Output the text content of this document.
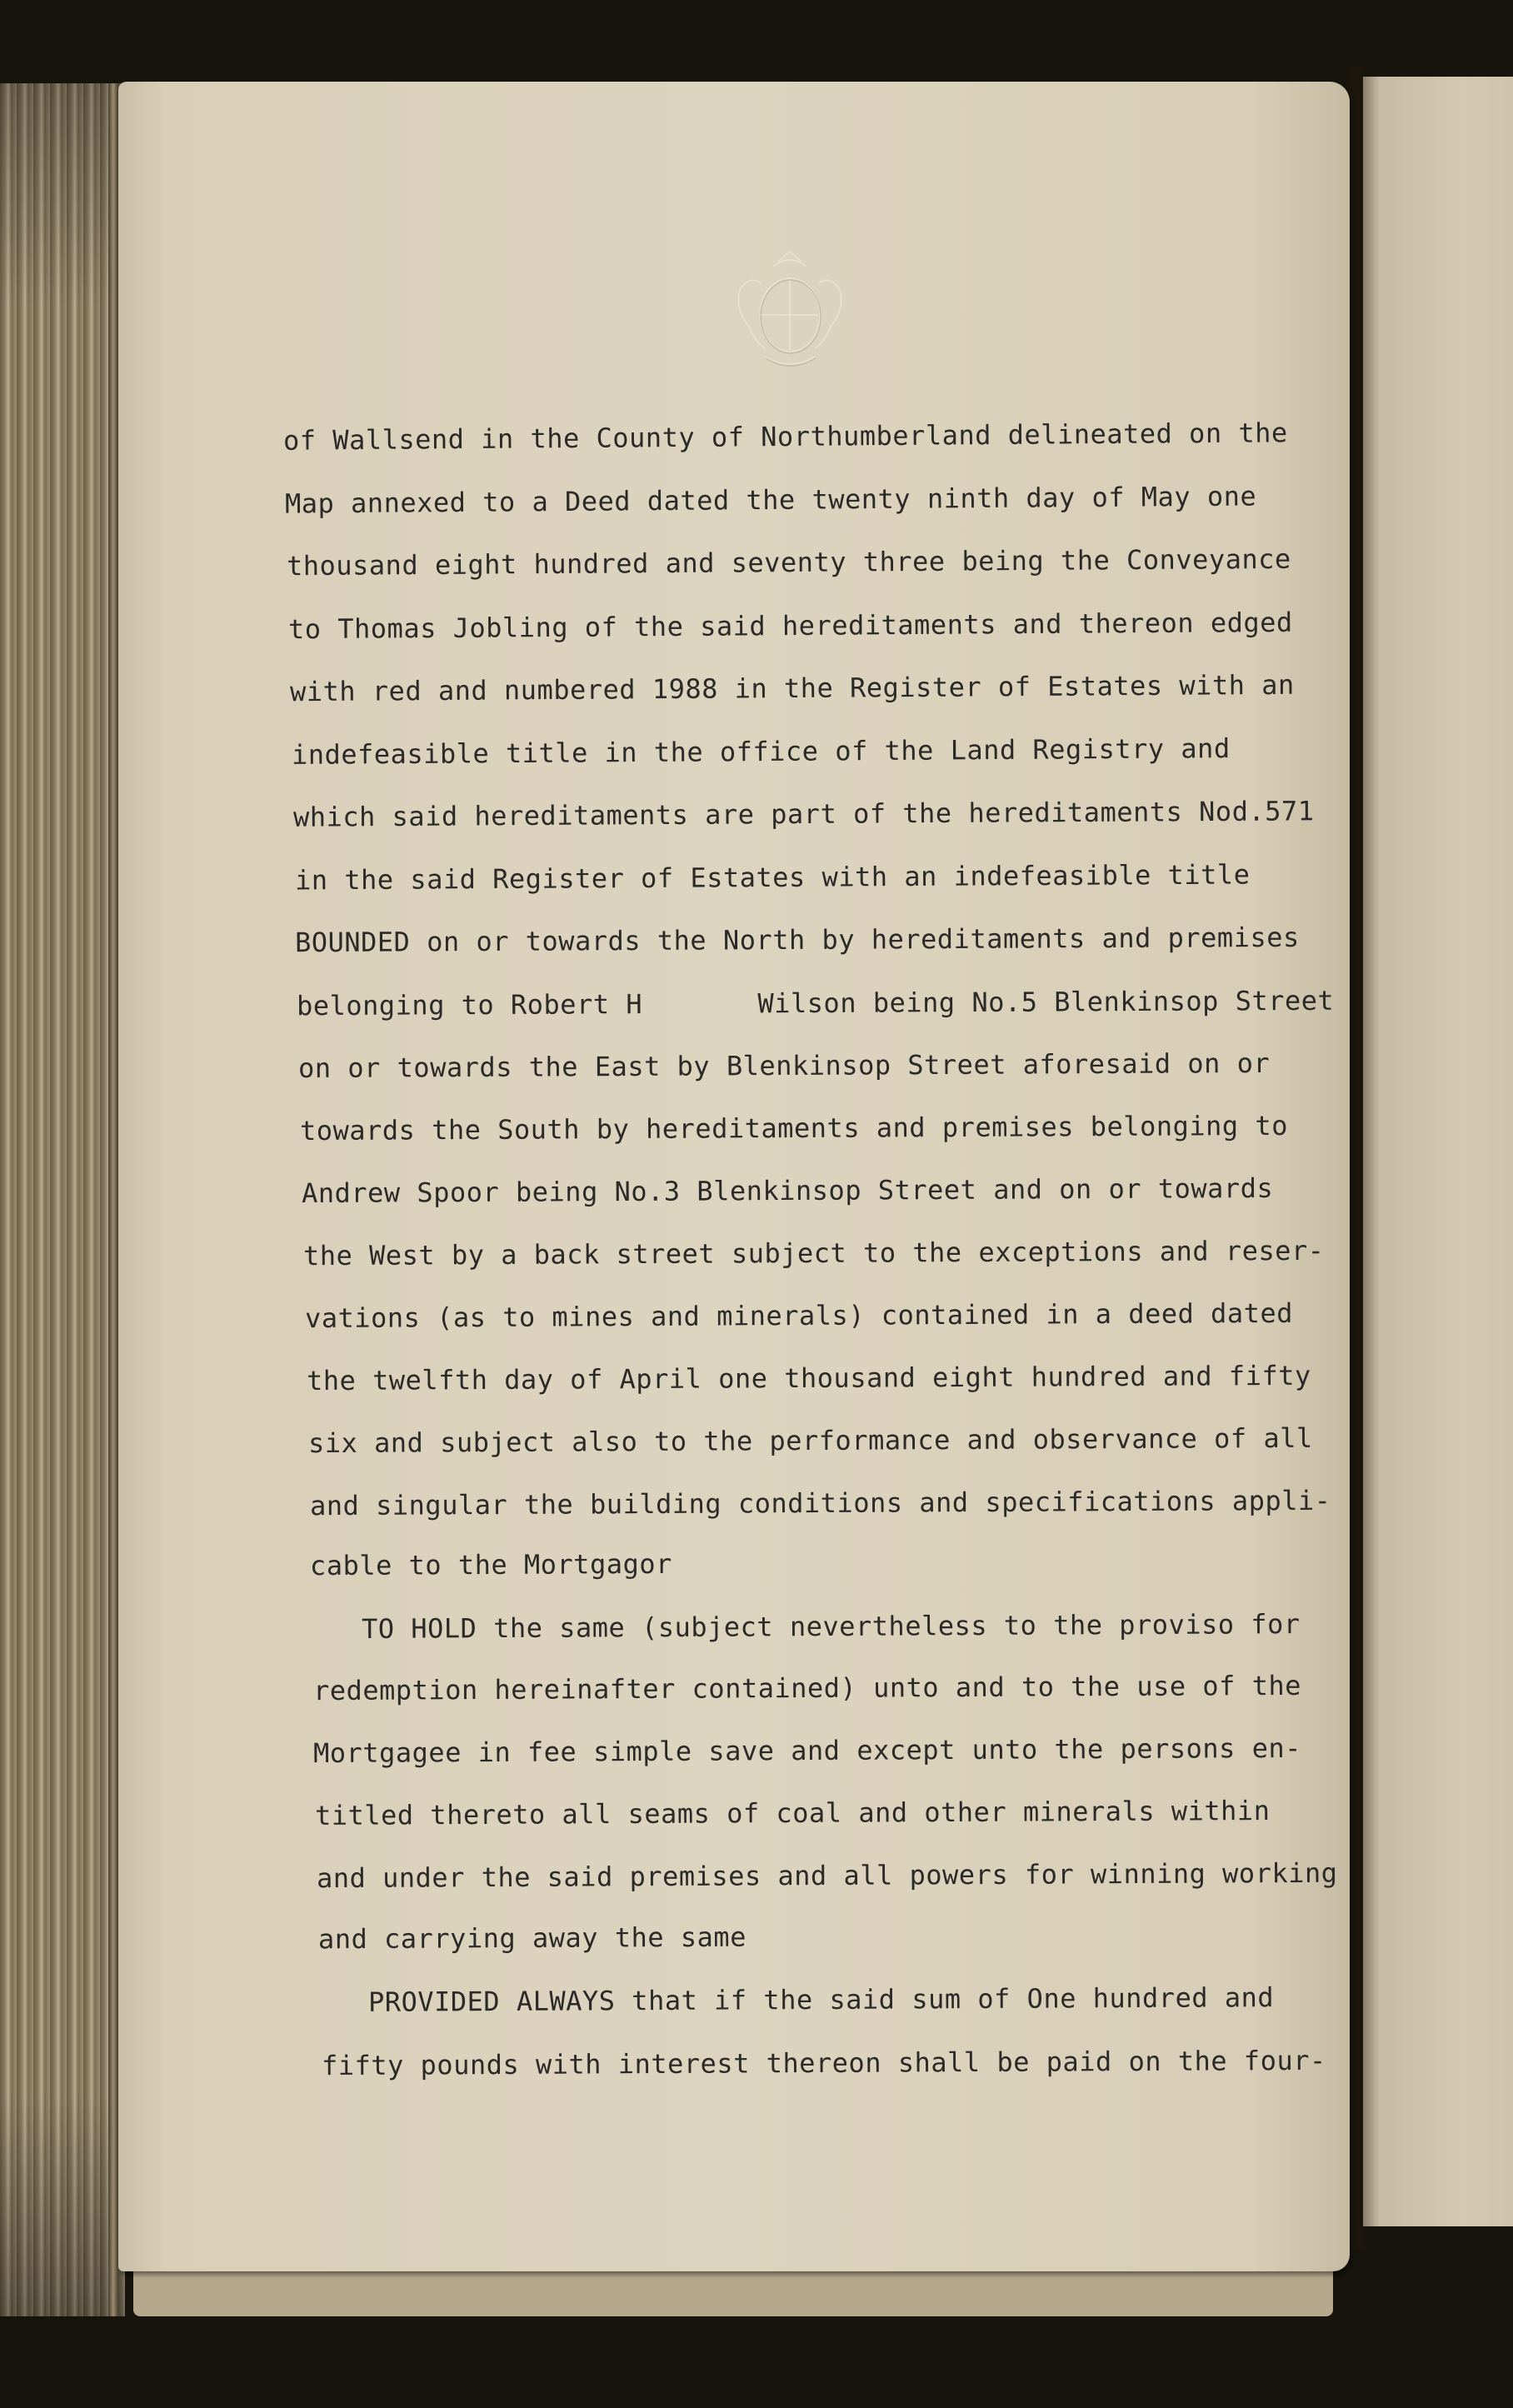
of Wallsend in the County of Northumberland delineated on the
Map annexed to a Deed dated the twenty ninth day of May one
thousand eight hundred and seventy three being the Conveyance
to Thomas Jobling of the said hereditaments and thereon edged
with red and numbered 1988 in the Register of Estates with an
indefeasible title in the office of the Land Registry and
which said hereditaments are part of the hereditaments Nod.571
in the said Register of Estates with an indefeasible title
BOUNDED on or towards the North by hereditaments and premises
belonging to Robert H       Wilson being No.5 Blenkinsop Street
on or towards the East by Blenkinsop Street aforesaid on or
towards the South by hereditaments and premises belonging to
Andrew Spoor being No.3 Blenkinsop Street and on or towards
the West by a back street subject to the exceptions and reser-
vations (as to mines and minerals) contained in a deed dated
the twelfth day of April one thousand eight hundred and fifty
six and subject also to the performance and observance of all
and singular the building conditions and specifications appli-
cable to the Mortgagor
TO HOLD the same (subject nevertheless to the proviso for
redemption hereinafter contained) unto and to the use of the
Mortgagee in fee simple save and except unto the persons en-
titled thereto all seams of coal and other minerals within
and under the said premises and all powers for winning working
and carrying away the same
PROVIDED ALWAYS that if the said sum of One hundred and
fifty pounds with interest thereon shall be paid on the four-
